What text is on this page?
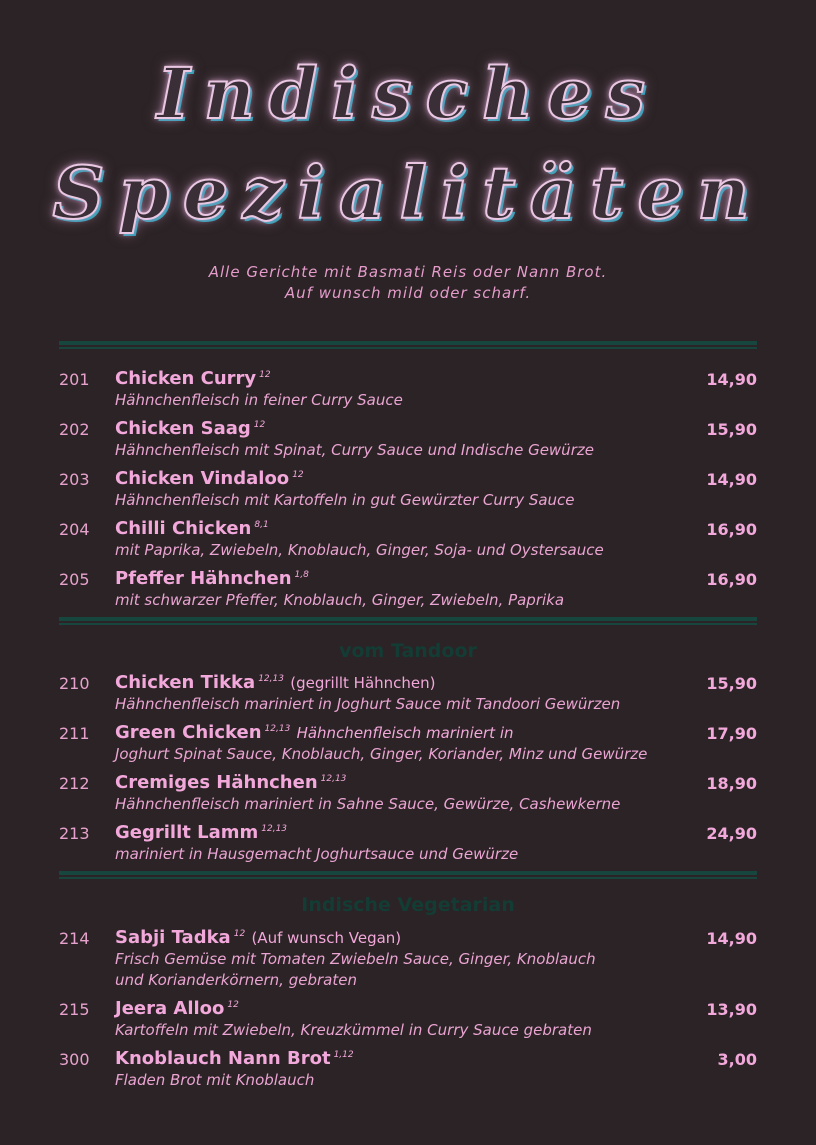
Indisches
Spezialitäten
Alle Gerichte mit Basmati Reis oder Nann Brot.
Auf wunsch mild oder scharf.
201 Chicken Curry $^{12}$
Hähnchenfleisch in feiner Curry Sauce
14,90
202 Chicken Saag $^{12}$
Hähnchenfleisch mit Spinat, Curry Sauce und Indische Gewürze
15,90
203 Chicken Vindaloo $^{12}$
Hähnchenfleisch mit Kartoffeln in gut Gewürzter Curry Sauce
14,90
204 Chilli Chicken $^{8,1}$
mit Paprika, Zwiebeln, Knoblauch, Ginger, Soja- und Oystersauce
16,90
205 Pfeffer Hähnchen $^{1,8}$
mit schwarzer Pfeffer, Knoblauch, Ginger, Zwiebeln, Paprika
16,90
vom Tandoor
210 Chicken Tikka $^{12,13}$ (gegrillt Hähnchen)
Hähnchenfleisch mariniert in Joghurt Sauce mit Tandoori Gewürzen
15,90
211 Green Chicken $^{12,13}$ Hähnchenfleisch mariniert in
Joghurt Spinat Sauce, Knoblauch, Ginger, Koriander, Minz und Gewürze
17,90
212 Cremiges Hähnchen $^{12,13}$
Hähnchenfleisch mariniert in Sahne Sauce, Gewürze, Cashewkerne
18,90
213 Gegrillt Lamm $^{12,13}$
mariniert in Hausgemacht Joghurtsauce und Gewürze
24,90
Indische Vegetarian
214 Sabji Tadka $^{12}$ (Auf wunsch Vegan)
Frisch Gemüse mit Tomaten Zwiebeln Sauce, Ginger, Knoblauch
und Korianderkörnern, gebraten
14,90
215 Jeera Alloo $^{12}$
Kartoffeln mit Zwiebeln, Kreuzkümmel in Curry Sauce gebraten
13,90
300 Knoblauch Nann Brot $^{1,12}$
Fladen Brot mit Knoblauch
3,00
